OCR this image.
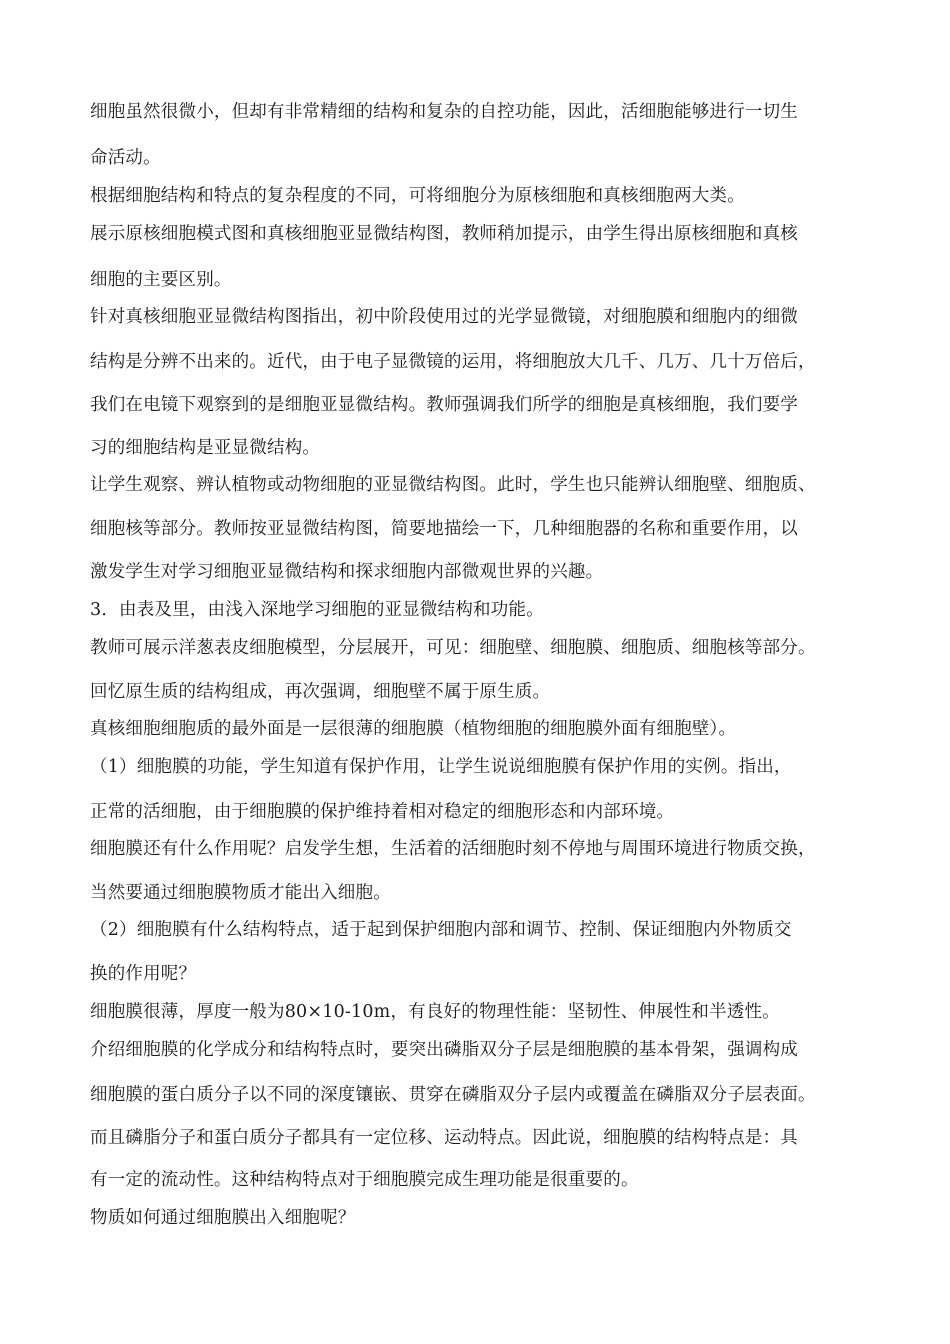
细胞虽然很微小，但却有非常精细的结构和复杂的自控功能，因此，活细胞能够进行一切生
命活动。
根据细胞结构和特点的复杂程度的不同，可将细胞分为原核细胞和真核细胞两大类。
展示原核细胞模式图和真核细胞亚显微结构图，教师稍加提示，由学生得出原核细胞和真核
细胞的主要区别。
针对真核细胞亚显微结构图指出，初中阶段使用过的光学显微镜，对细胞膜和细胞内的细微
结构是分辨不出来的。近代，由于电子显微镜的运用，将细胞放大几千、几万、几十万倍后，
我们在电镜下观察到的是细胞亚显微结构。教师强调我们所学的细胞是真核细胞，我们要学
习的细胞结构是亚显微结构。
让学生观察、辨认植物或动物细胞的亚显微结构图。此时，学生也只能辨认细胞壁、细胞质、
细胞核等部分。教师按亚显微结构图，简要地描绘一下，几种细胞器的名称和重要作用，以
激发学生对学习细胞亚显微结构和探求细胞内部微观世界的兴趣。
3．由表及里，由浅入深地学习细胞的亚显微结构和功能。
教师可展示洋葱表皮细胞模型，分层展开，可见：细胞壁、细胞膜、细胞质、细胞核等部分。
回忆原生质的结构组成，再次强调，细胞壁不属于原生质。
真核细胞细胞质的最外面是一层很薄的细胞膜（植物细胞的细胞膜外面有细胞壁）。
（1）细胞膜的功能，学生知道有保护作用，让学生说说细胞膜有保护作用的实例。指出，
正常的活细胞，由于细胞膜的保护维持着相对稳定的细胞形态和内部环境。
细胞膜还有什么作用呢？启发学生想，生活着的活细胞时刻不停地与周围环境进行物质交换，
当然要通过细胞膜物质才能出入细胞。
（2）细胞膜有什么结构特点，适于起到保护细胞内部和调节、控制、保证细胞内外物质交
换的作用呢？
细胞膜很薄，厚度一般为80×10-10m，有良好的物理性能：坚韧性、伸展性和半透性。
介绍细胞膜的化学成分和结构特点时，要突出磷脂双分子层是细胞膜的基本骨架，强调构成
细胞膜的蛋白质分子以不同的深度镶嵌、贯穿在磷脂双分子层内或覆盖在磷脂双分子层表面。
而且磷脂分子和蛋白质分子都具有一定位移、运动特点。因此说，细胞膜的结构特点是：具
有一定的流动性。这种结构特点对于细胞膜完成生理功能是很重要的。
物质如何通过细胞膜出入细胞呢？
